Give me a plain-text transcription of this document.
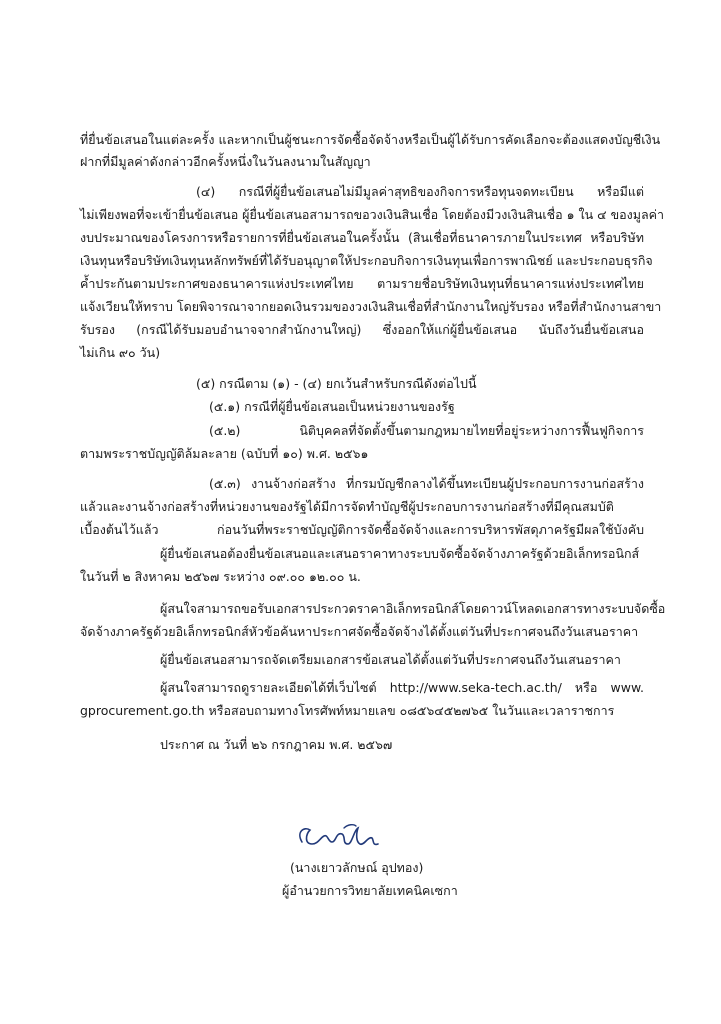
ที่ยื่นข้อเสนอในแต่ละครั้ง และหากเป็นผู้ชนะการจัดซื้อจัดจ้างหรือเป็นผู้ได้รับการคัดเลือกจะต้องแสดงบัญชีเงิน
ฝากที่มีมูลค่าดังกล่าวอีกครั้งหนึ่งในวันลงนามในสัญญา
(๔) กรณีที่ผู้ยื่นข้อเสนอไม่มีมูลค่าสุทธิของกิจการหรือทุนจดทะเบียน หรือมีแต่
ไม่เพียงพอที่จะเข้ายื่นข้อเสนอ ผู้ยื่นข้อเสนอสามารถขอวงเงินสินเชื่อ โดยต้องมีวงเงินสินเชื่อ ๑ ใน ๔ ของมูลค่า
งบประมาณของโครงการหรือรายการที่ยื่นข้อเสนอในครั้งนั้น (สินเชื่อที่ธนาคารภายในประเทศ หรือบริษัท
เงินทุนหรือบริษัทเงินทุนหลักทรัพย์ที่ได้รับอนุญาตให้ประกอบกิจการเงินทุนเพื่อการพาณิชย์ และประกอบธุรกิจ
ค้ำประกันตามประกาศของธนาคารแห่งประเทศไทย ตามรายชื่อบริษัทเงินทุนที่ธนาคารแห่งประเทศไทย
แจ้งเวียนให้ทราบ โดยพิจารณาจากยอดเงินรวมของวงเงินสินเชื่อที่สำนักงานใหญ่รับรอง หรือที่สำนักงานสาขา
รับรอง (กรณีได้รับมอบอำนาจจากสำนักงานใหญ่) ซึ่งออกให้แก่ผู้ยื่นข้อเสนอ นับถึงวันยื่นข้อเสนอ
ไม่เกิน ๙๐ วัน)
(๕) กรณีตาม (๑) - (๔) ยกเว้นสำหรับกรณีดังต่อไปนี้
(๕.๑) กรณีที่ผู้ยื่นข้อเสนอเป็นหน่วยงานของรัฐ
(๕.๒) นิติบุคคลที่จัดตั้งขึ้นตามกฎหมายไทยที่อยู่ระหว่างการฟื้นฟูกิจการ
ตามพระราชบัญญัติล้มละลาย (ฉบับที่ ๑๐) พ.ศ. ๒๕๖๑
(๕.๓) งานจ้างก่อสร้าง ที่กรมบัญชีกลางได้ขึ้นทะเบียนผู้ประกอบการงานก่อสร้าง
แล้วและงานจ้างก่อสร้างที่หน่วยงานของรัฐได้มีการจัดทำบัญชีผู้ประกอบการงานก่อสร้างที่มีคุณสมบัติ
เบื้องต้นไว้แล้ว ก่อนวันที่พระราชบัญญัติการจัดซื้อจัดจ้างและการบริหารพัสดุภาครัฐมีผลใช้บังคับ
ผู้ยื่นข้อเสนอต้องยื่นข้อเสนอและเสนอราคาทางระบบจัดซื้อจัดจ้างภาครัฐด้วยอิเล็กทรอนิกส์
ในวันที่ ๒ สิงหาคม ๒๕๖๗ ระหว่าง ๐๙.๐๐ ๑๒.๐๐ น.
ผู้สนใจสามารถขอรับเอกสารประกวดราคาอิเล็กทรอนิกส์โดยดาวน์โหลดเอกสารทางระบบจัดซื้อ
จัดจ้างภาครัฐด้วยอิเล็กทรอนิกส์หัวข้อค้นหาประกาศจัดซื้อจัดจ้างได้ตั้งแต่วันที่ประกาศจนถึงวันเสนอราคา
ผู้ยื่นข้อเสนอสามารถจัดเตรียมเอกสารข้อเสนอได้ตั้งแต่วันที่ประกาศจนถึงวันเสนอราคา
ผู้สนใจสามารถดูรายละเอียดได้ที่เว็บไซต์ http://www.seka-tech.ac.th/ หรือ www.
gprocurement.go.th หรือสอบถามทางโทรศัพท์หมายเลข ๐๘๕๖๔๕๒๗๖๕ ในวันและเวลาราชการ
ประกาศ ณ วันที่ ๒๖ กรกฎาคม พ.ศ. ๒๕๖๗
(นางเยาวลักษณ์ อุปทอง)
ผู้อำนวยการวิทยาลัยเทคนิคเซกา
